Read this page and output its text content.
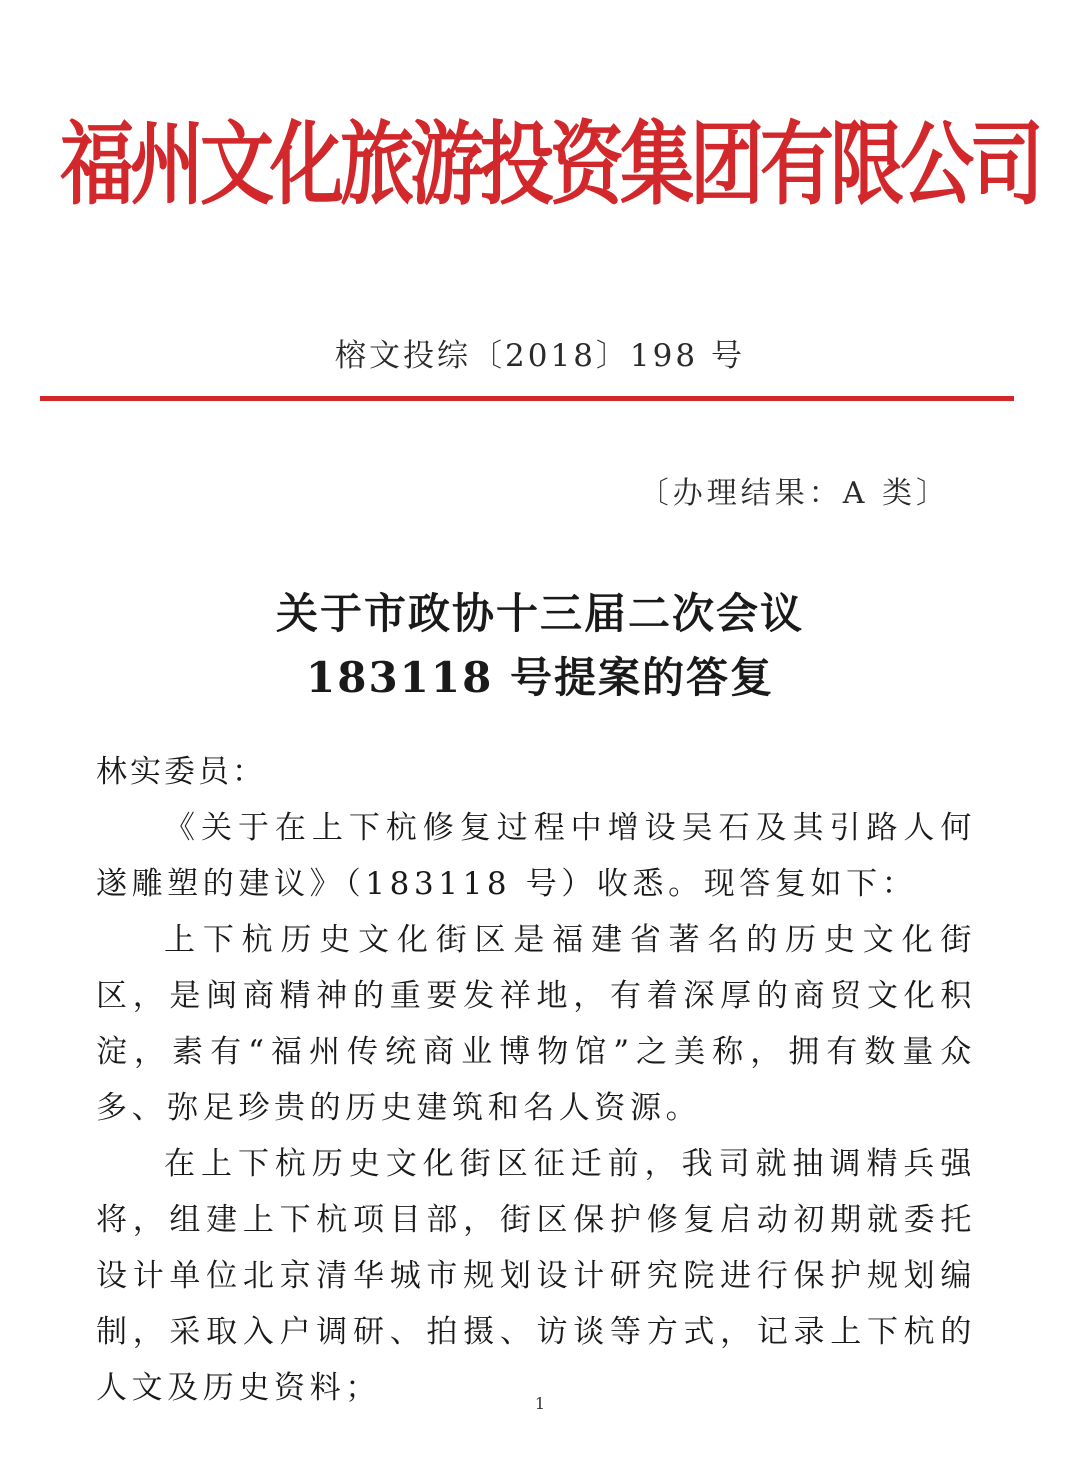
福州文化旅游投资集团有限公司
榕文投综〔2018〕198 号
〔办理结果：A 类〕
关于市政协十三届二次会议
183118 号提案的答复
林实委员：

《关于在上下杭修复过程中增设吴石及其引路人何遂雕塑的建议》（183118 号）收悉。现答复如下：

上下杭历史文化街区是福建省著名的历史文化街区，是闽商精神的重要发祥地，有着深厚的商贸文化积淀，素有“福州传统商业博物馆”之美称，拥有数量众多、弥足珍贵的历史建筑和名人资源。

在上下杭历史文化街区征迁前，我司就抽调精兵强将，组建上下杭项目部，街区保护修复启动初期就委托设计单位北京清华城市规划设计研究院进行保护规划编制，采取入户调研、拍摄、访谈等方式，记录上下杭的人文及历史资料；	1
